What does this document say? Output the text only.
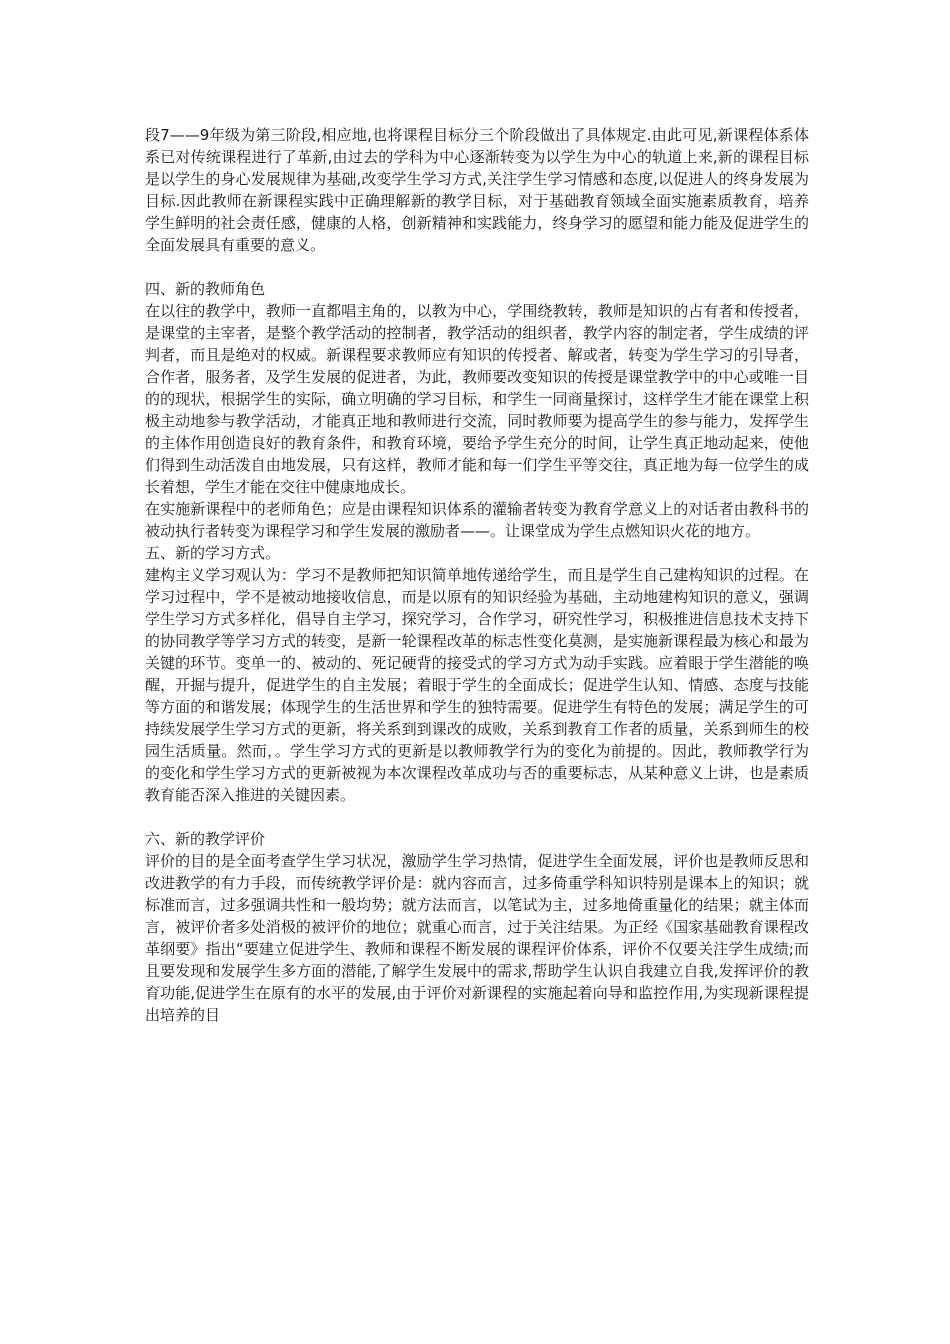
段7——9年级为第三阶段,相应地,也将课程目标分三个阶段做出了具体规定.由此可见,新课程体系体系已对传统课程进行了革新,由过去的学科为中心逐渐转变为以学生为中心的轨道上来,新的课程目标是以学生的身心发展规律为基础,改变学生学习方式,关注学生学习情感和态度,以促进人的终身发展为目标.因此教师在新课程实践中正确理解新的教学目标，对于基础教育领域全面实施素质教育，培养学生鲜明的社会责任感，健康的人格，创新精神和实践能力，终身学习的愿望和能力能及促进学生的全面发展具有重要的意义。

四、新的教师角色

在以往的教学中，教师一直都唱主角的，以教为中心，学围绕教转，教师是知识的占有者和传授者，是课堂的主宰者，是整个教学活动的控制者，教学活动的组织者，教学内容的制定者，学生成绩的评判者，而且是绝对的权威。新课程要求教师应有知识的传授者、解或者，转变为学生学习的引导者，合作者，服务者，及学生发展的促进者，为此，教师要改变知识的传授是课堂教学中的中心或唯一目的的现状，根据学生的实际，确立明确的学习目标，和学生一同商量探讨，这样学生才能在课堂上积极主动地参与教学活动，才能真正地和教师进行交流，同时教师要为提高学生的参与能力，发挥学生的主体作用创造良好的教育条件，和教育环境，要给予学生充分的时间，让学生真正地动起来，使他们得到生动活泼自由地发展，只有这样，教师才能和每一们学生平等交往，真正地为每一位学生的成长着想，学生才能在交往中健康地成长。

在实施新课程中的老师角色；应是由课程知识体系的灌输者转变为教育学意义上的对话者由教科书的被动执行者转变为课程学习和学生发展的激励者——。让课堂成为学生点燃知识火花的地方。

五、新的学习方式。

建构主义学习观认为：学习不是教师把知识简单地传递给学生，而且是学生自己建构知识的过程。在学习过程中，学不是被动地接收信息，而是以原有的知识经验为基础，主动地建构知识的意义，强调学生学习方式多样化，倡导自主学习，探究学习，合作学习，研究性学习，积极推进信息技术支持下的协同教学等学习方式的转变，是新一轮课程改革的标志性变化莫测，是实施新课程最为核心和最为关键的环节。变单一的、被动的、死记硬背的接受式的学习方式为动手实践。应着眼于学生潜能的唤醒，开掘与提升，促进学生的自主发展；着眼于学生的全面成长；促进学生认知、情感、态度与技能等方面的和谐发展；体现学生的生活世界和学生的独特需要。促进学生有特色的发展；满足学生的可持续发展学生学习方式的更新，将关系到到课改的成败，关系到教育工作者的质量，关系到师生的校园生活质量。然而，。学生学习方式的更新是以教师教学行为的变化为前提的。因此，教师教学行为的变化和学生学习方式的更新被视为本次课程改革成功与否的重要标志，从某种意义上讲，也是素质教育能否深入推进的关键因素。

六、新的教学评价

评价的目的是全面考查学生学习状况，激励学生学习热情，促进学生全面发展，评价也是教师反思和改进教学的有力手段，而传统教学评价是：就内容而言，过多倚重学科知识特别是课本上的知识；就标准而言，过多强调共性和一般均势；就方法而言，以笔试为主，过多地倚重量化的结果；就主体而言，被评价者多处消极的被评价的地位；就重心而言，过于关注结果。为正经《国家基础教育课程改革纲要》指出“要建立促进学生、教师和课程不断发展的课程评价体系，评价不仅要关注学生成绩;而且要发现和发展学生多方面的潜能,了解学生发展中的需求,帮助学生认识自我建立自我,发挥评价的教育功能,促进学生在原有的水平的发展,由于评价对新课程的实施起着向导和监控作用,为实现新课程提出培养的目
